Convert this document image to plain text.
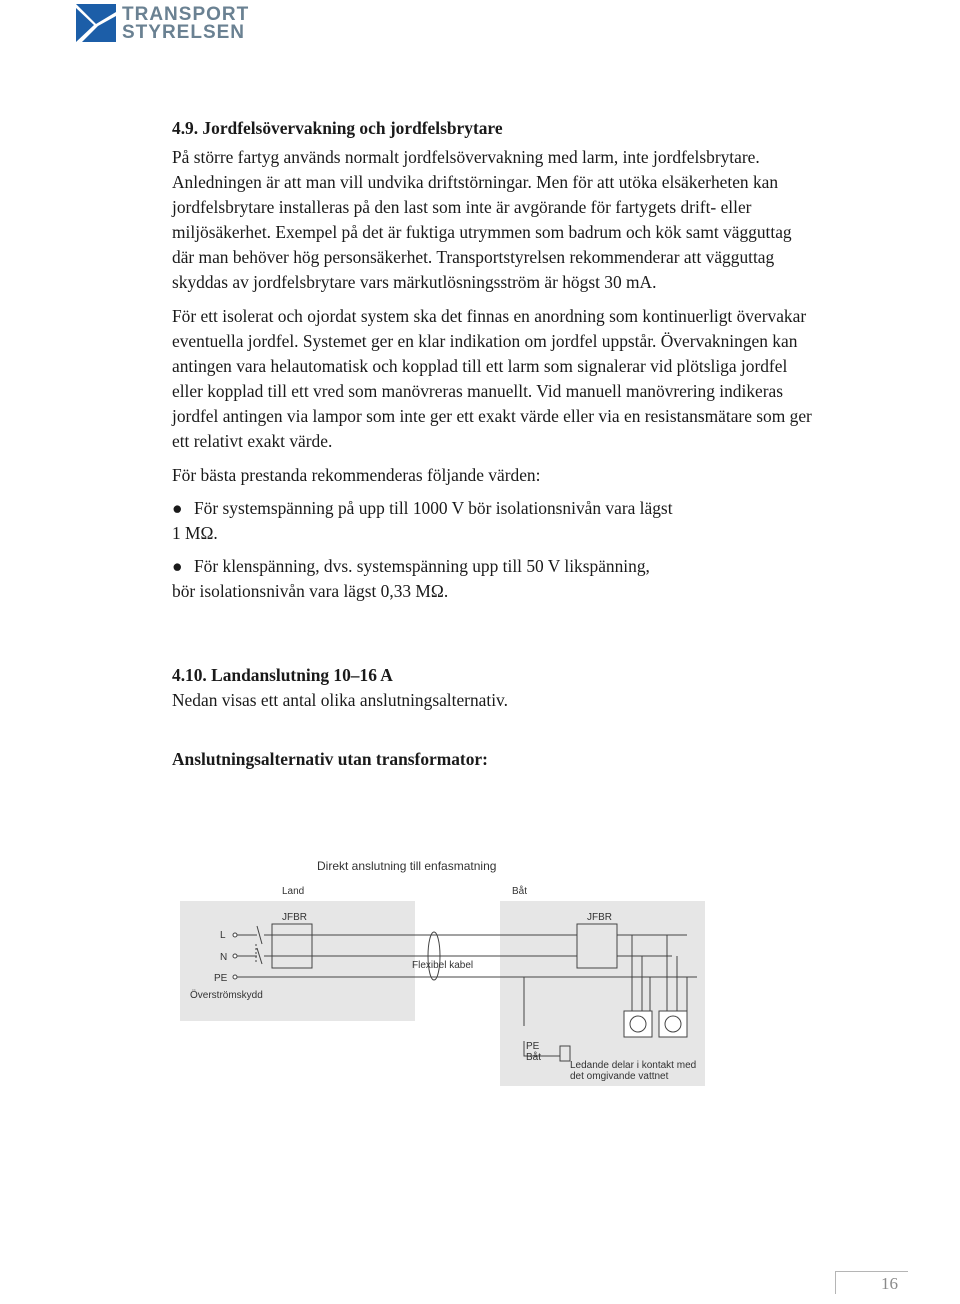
TRANSPORT
STYRELSEN

4.9. Jordfelsövervakning och jordfelsbrytare

På större fartyg används normalt jordfelsövervakning med larm, inte jordfelsbrytare. Anledningen är att man vill undvika driftstörningar. Men för att utöka elsäkerheten kan jordfelsbrytare installeras på den last som inte är avgörande för fartygets drift- eller miljösäkerhet. Exempel på det är fuktiga utrymmen som badrum och kök samt vägguttag där man behöver hög personsäkerhet. Transportstyrelsen rekommenderar att vägguttag skyddas av jordfelsbrytare vars märkutlösningsström är högst 30 mA.

För ett isolerat och ojordat system ska det finnas en anordning som kontinuerligt övervakar eventuella jordfel. Systemet ger en klar indikation om jordfel uppstår. Övervakningen kan antingen vara helautomatisk och kopplad till ett larm som signalerar vid plötsliga jordfel eller kopplad till ett vred som manövreras manuellt. Vid manuell manövrering indikeras jordfel antingen via lampor som inte ger ett exakt värde eller via en resistansmätare som ger ett relativt exakt värde.

För bästa prestanda rekommenderas följande värden:

● För systemspänning på upp till 1000 V bör isolationsnivån vara lägst
1 MΩ.
● För klenspänning, dvs. systemspänning upp till 50 V likspänning,
bör isolationsnivån vara lägst 0,33 MΩ.

4.10. Landanslutning 10–16 A

Nedan visas ett antal olika anslutningsalternativ.

Anslutningsalternativ utan transformator:

Direkt anslutning till enfasmatning
Land	Båt
JFBR	JFBR
L
N
PE
Överströmskydd
Flexibel kabel
PE
Båt
Ledande delar i kontakt med
det omgivande vattnet
16
